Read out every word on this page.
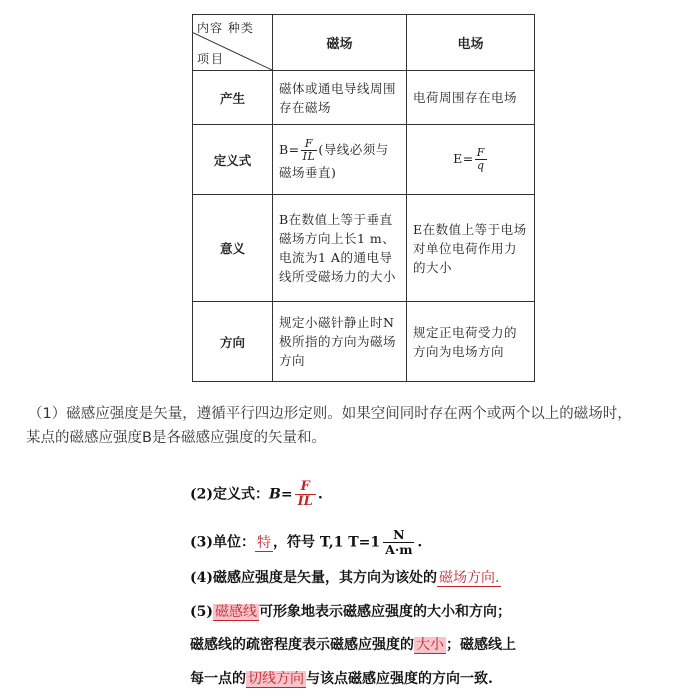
内容 种类
项目	磁场	电场
产生	磁体或通电导线周围存在磁场	电荷周围存在电场
定义式	$B= \frac{F}{IL}$ (导线必须与磁场垂直)	$E= \frac{F}{q}$

意义	B在数值上等于垂直磁场方向上长1 m、电流为1 A的通电导线所受磁场力的大小	E在数值上等于电场对单位电荷作用力的大小
方向	规定小磁针静止时N极所指的方向为磁场方向	规定正电荷受力的方向为电场方向
（1）磁感应强度是矢量，遵循平行四边形定则。如果空间同时存在两个或两个以上的磁场时，
某点的磁感应强度B是各磁感应强度的矢量和。
(2)定义式：$B= \frac{F}{IL}$ .
(3)单位： 特 ，符号 T,1 $T=1 \frac{N}{A\cdot m}$ .
(4)磁感应强度是矢量，其方向为该处的 磁场方向.
(5) 磁感线 可形象地表示磁感应强度的大小和方向；
磁感线的疏密程度表示磁感应强度的 大小 ；磁感线上
每一点的 切线方向 与该点磁感应强度的方向一致.
